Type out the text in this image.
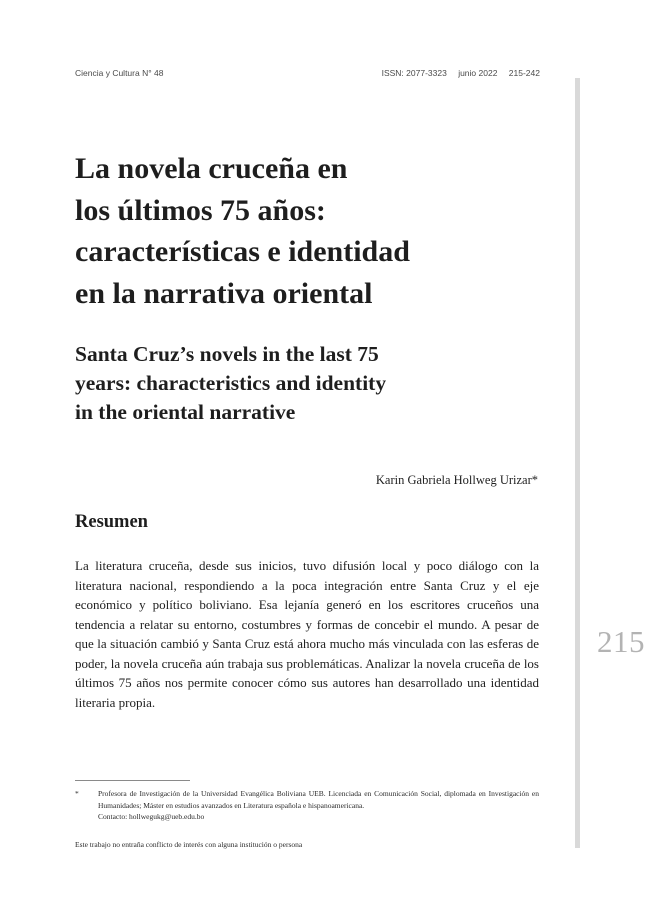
Ciencia y Cultura N° 48	ISSN: 2077-3323 junio 2022 215-242
215
La novela cruceña en
los últimos 75 años:
características e identidad
en la narrativa oriental
Santa Cruz’s novels in the last 75
years: characteristics and identity
in the oriental narrative
Karin Gabriela Hollweg Urizar*
Resumen

La literatura cruceña, desde sus inicios, tuvo difusión local y poco diálogo con la literatura nacional, respondiendo a la poca integración entre Santa Cruz y el eje económico y político boliviano. Esa lejanía generó en los escritores cruceños una tendencia a relatar su entorno, costumbres y formas de concebir el mundo. A pesar de que la situación cambió y Santa Cruz está ahora mucho más vinculada con las esferas de poder, la novela cruceña aún trabaja sus problemáticas. Analizar la novela cruceña de los últimos 75 años nos permite conocer cómo sus autores han desarrollado una identidad literaria propia.

*	Profesora de Investigación de la Universidad Evangélica Boliviana UEB. Licenciada en Comunicación Social, diplomada en Investigación en Humanidades; Máster en estudios avanzados en Literatura española e hispanoamericana.
Contacto: hollwegukg@ueb.edu.bo
Este trabajo no entraña conflicto de interés con alguna institución o persona
